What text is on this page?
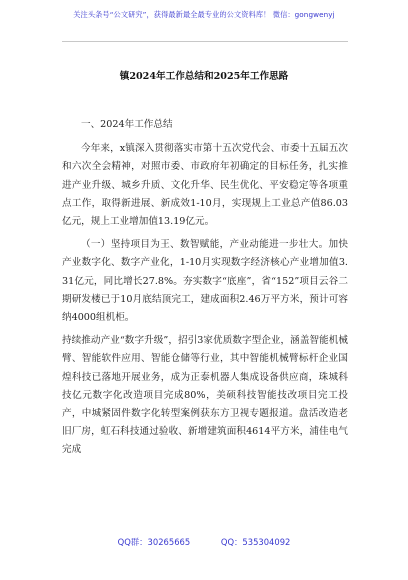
关注头条号“公文研究”，获得最新最全最专业的公文资料库！ 微信：gongwenyj
镇2024年工作总结和2025年工作思路

一、2024年工作总结

今年来，x镇深入贯彻落实市第十五次党代会、市委十五届五次和六次全会精神，对照市委、市政府年初确定的目标任务，扎实推进产业升级、城乡升质、文化升华、民生优化、平安稳定等各项重点工作，取得新进展、新成效1-10月，实现规上工业总产值86.03亿元，规上工业增加值13.19亿元。

（一）坚持项目为王、数智赋能，产业动能进一步壮大。加快产业数字化、数字产业化，1-10月实现数字经济核心产业增加值3.31亿元，同比增长27.8%。夯实数字“底座”，省“152”项目云谷二期研发楼已于10月底结顶完工，建成面积2.46万平方米，预计可容纳4000组机柜。

持续推动产业“数字升级”，招引3家优质数字型企业，涵盖智能机械臂、智能软件应用、智能仓储等行业，其中智能机械臂标杆企业国煌科技已落地开展业务，成为正泰机器人集成设备供应商，珠城科技亿元数字化改造项目完成80%，美硕科技智能技改项目完工投产，中城紧固件数字化转型案例获东方卫视专题报道。盘活改造老旧厂房，虹石科技通过验收、新增建筑面积4614平方米，浦佳电气完成

QQ群：30265665	QQ：535304092
